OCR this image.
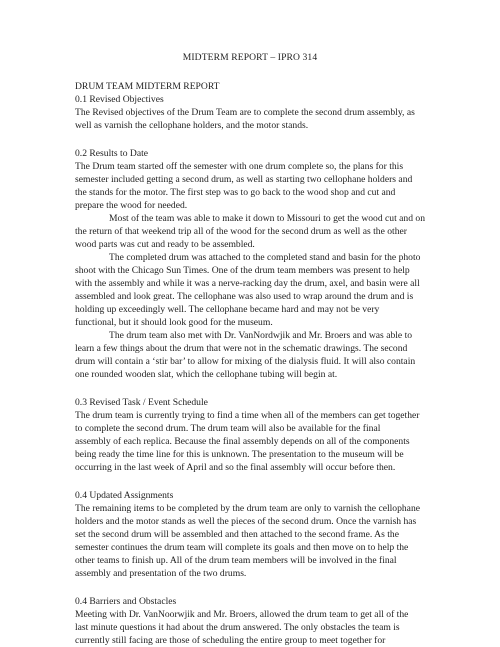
MIDTERM REPORT – IPRO 314
DRUM TEAM MIDTERM REPORT
0.1 Revised Objectives
The Revised objectives of the Drum Team are to complete the second drum assembly, as
well as varnish the cellophane holders, and the motor stands.
0.2 Results to Date
The Drum team started off the semester with one drum complete so, the plans for this
semester included getting a second drum, as well as starting two cellophane holders and
the stands for the motor. The first step was to go back to the wood shop and cut and
prepare the wood for needed.
Most of the team was able to make it down to Missouri to get the wood cut and on
the return of that weekend trip all of the wood for the second drum as well as the other
wood parts was cut and ready to be assembled.
The completed drum was attached to the completed stand and basin for the photo
shoot with the Chicago Sun Times. One of the drum team members was present to help
with the assembly and while it was a nerve-racking day the drum, axel, and basin were all
assembled and look great. The cellophane was also used to wrap around the drum and is
holding up exceedingly well. The cellophane became hard and may not be very
functional, but it should look good for the museum.
The drum team also met with Dr. VanNordwjik and Mr. Broers and was able to
learn a few things about the drum that were not in the schematic drawings. The second
drum will contain a ‘stir bar’ to allow for mixing of the dialysis fluid. It will also contain
one rounded wooden slat, which the cellophane tubing will begin at.
0.3 Revised Task / Event Schedule
The drum team is currently trying to find a time when all of the members can get together
to complete the second drum. The drum team will also be available for the final
assembly of each replica. Because the final assembly depends on all of the components
being ready the time line for this is unknown. The presentation to the museum will be
occurring in the last week of April and so the final assembly will occur before then.
0.4 Updated Assignments
The remaining items to be completed by the drum team are only to varnish the cellophane
holders and the motor stands as well the pieces of the second drum. Once the varnish has
set the second drum will be assembled and then attached to the second frame. As the
semester continues the drum team will complete its goals and then move on to help the
other teams to finish up. All of the drum team members will be involved in the final
assembly and presentation of the two drums.
0.4 Barriers and Obstacles
Meeting with Dr. VanNoorwjik and Mr. Broers, allowed the drum team to get all of the
last minute questions it had about the drum answered. The only obstacles the team is
currently still facing are those of scheduling the entire group to meet together for
